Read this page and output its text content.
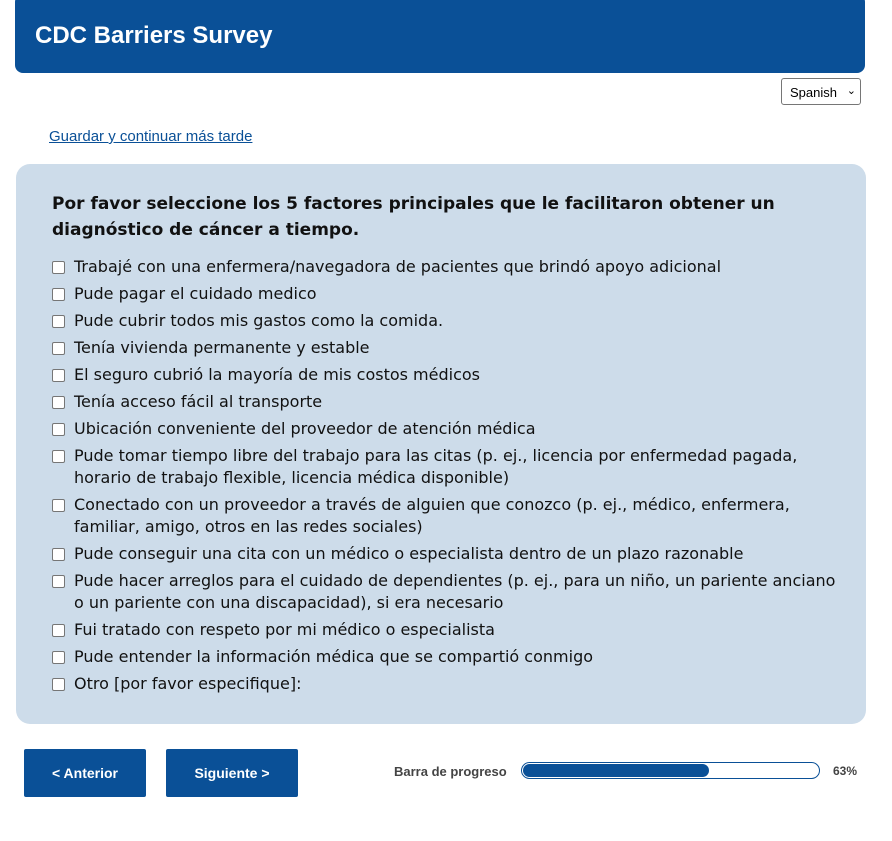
CDC Barriers Survey
Spanish ⌄
Guardar y continuar más tarde
Por favor seleccione los 5 factores principales que le facilitaron obtener un diagnóstico de cáncer a tiempo.
Trabajé con una enfermera/navegadora de pacientes que brindó apoyo adicional
Pude pagar el cuidado medico
Pude cubrir todos mis gastos como la comida.
Tenía vivienda permanente y estable
El seguro cubrió la mayoría de mis costos médicos
Tenía acceso fácil al transporte
Ubicación conveniente del proveedor de atención médica
Pude tomar tiempo libre del trabajo para las citas (p. ej., licencia por enfermedad pagada, horario de trabajo flexible, licencia médica disponible)
Conectado con un proveedor a través de alguien que conozco (p. ej., médico, enfermera, familiar, amigo, otros en las redes sociales)
Pude conseguir una cita con un médico o especialista dentro de un plazo razonable
Pude hacer arreglos para el cuidado de dependientes (p. ej., para un niño, un pariente anciano o un pariente con una discapacidad), si era necesario
Fui tratado con respeto por mi médico o especialista
Pude entender la información médica que se compartió conmigo
Otro [por favor especifique]:
< Anterior	Siguiente >	Barra de progreso	63%
